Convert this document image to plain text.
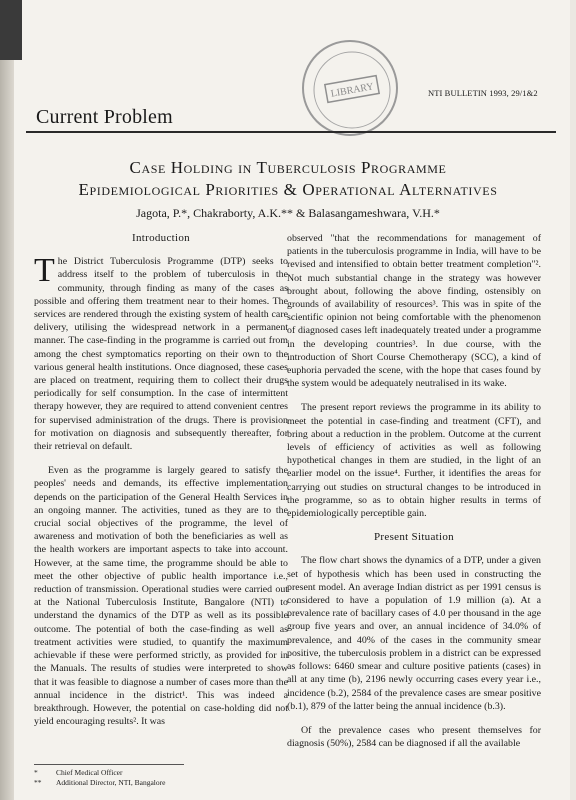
LIBRARY	NTI BULLETIN 1993, 29/1&2
Current Problem
Case Holding in Tuberculosis Programme
Epidemiological Priorities & Operational Alternatives
Jagota, P.*, Chakraborty, A.K.** & Balasangameshwara, V.H.*
Introduction

The District Tuberculosis Programme (DTP) seeks to address itself to the problem of tuberculosis in the community, through finding as many of the cases as possible and offering them treatment near to their homes. The services are rendered through the existing system of health care delivery, utilising the widespread network in a permanent manner. The case-finding in the programme is carried out from among the chest symptomatics reporting on their own to the various general health institutions. Once diagnosed, these cases are placed on treatment, requiring them to collect their drugs periodically for self consumption. In the case of intermittent therapy however, they are required to attend convenient centres for supervised administration of the drugs. There is provision for motivation on diagnosis and subsequently thereafter, for their retrieval on default.

Even as the programme is largely geared to satisfy the peoples' needs and demands, its effective implementation depends on the participation of the General Health Services in an ongoing manner. The activities, tuned as they are to the crucial social objectives of the programme, the level of awareness and motivation of both the beneficiaries as well as the health workers are important aspects to take into account. However, at the same time, the programme should be able to meet the other objective of public health importance i.e., reduction of transmission. Operational studies were carried out at the National Tuberculosis Institute, Bangalore (NTI) to understand the dynamics of the DTP as well as its possible outcome. The potential of both the case-finding as well as treatment activities were studied, to quantify the maximum achievable if these were performed strictly, as provided for in the Manuals. The results of studies were interpreted to show that it was feasible to diagnose a number of cases more than the annual incidence in the district¹. This was indeed a breakthrough. However, the potential on case-holding did not yield encouraging results². It was

observed "that the recommendations for management of patients in the tuberculosis programme in India, will have to be revised and intensified to obtain better treatment completion"². Not much substantial change in the strategy was however brought about, following the above finding, ostensibly on grounds of availability of resources³. This was in spite of the scientific opinion not being comfortable with the phenomenon of diagnosed cases left inadequately treated under a programme in the developing countries³. In due course, with the introduction of Short Course Chemotherapy (SCC), a kind of euphoria pervaded the scene, with the hope that cases found by the system would be adequately neutralised in its wake.

The present report reviews the programme in its ability to meet the potential in case-finding and treatment (CFT), and bring about a reduction in the problem. Outcome at the current levels of efficiency of activities as well as following hypothetical changes in them are studied, in the light of an earlier model on the issue⁴. Further, it identifies the areas for carrying out studies on structural changes to be introduced in the programme, so as to obtain higher results in terms of epidemiologically perceptible gain.

Present Situation

The flow chart shows the dynamics of a DTP, under a given set of hypothesis which has been used in constructing the present model. An average Indian district as per 1991 census is considered to have a population of 1.9 million (a). At a prevalence rate of bacillary cases of 4.0 per thousand in the age group five years and over, an annual incidence of 34.0% of prevalence, and 40% of the cases in the community smear positive, the tuberculosis problem in a district can be expressed as follows: 6460 smear and culture positive patients (cases) in all at any time (b), 2196 newly occurring cases every year i.e., incidence (b.2), 2584 of the prevalence cases are smear positive (b.1), 879 of the latter being the annual incidence (b.3).

Of the prevalence cases who present themselves for diagnosis (50%), 2584 can be diagnosed if all the available

*	Chief Medical Officer
**	Additional Director, NTI, Bangalore
